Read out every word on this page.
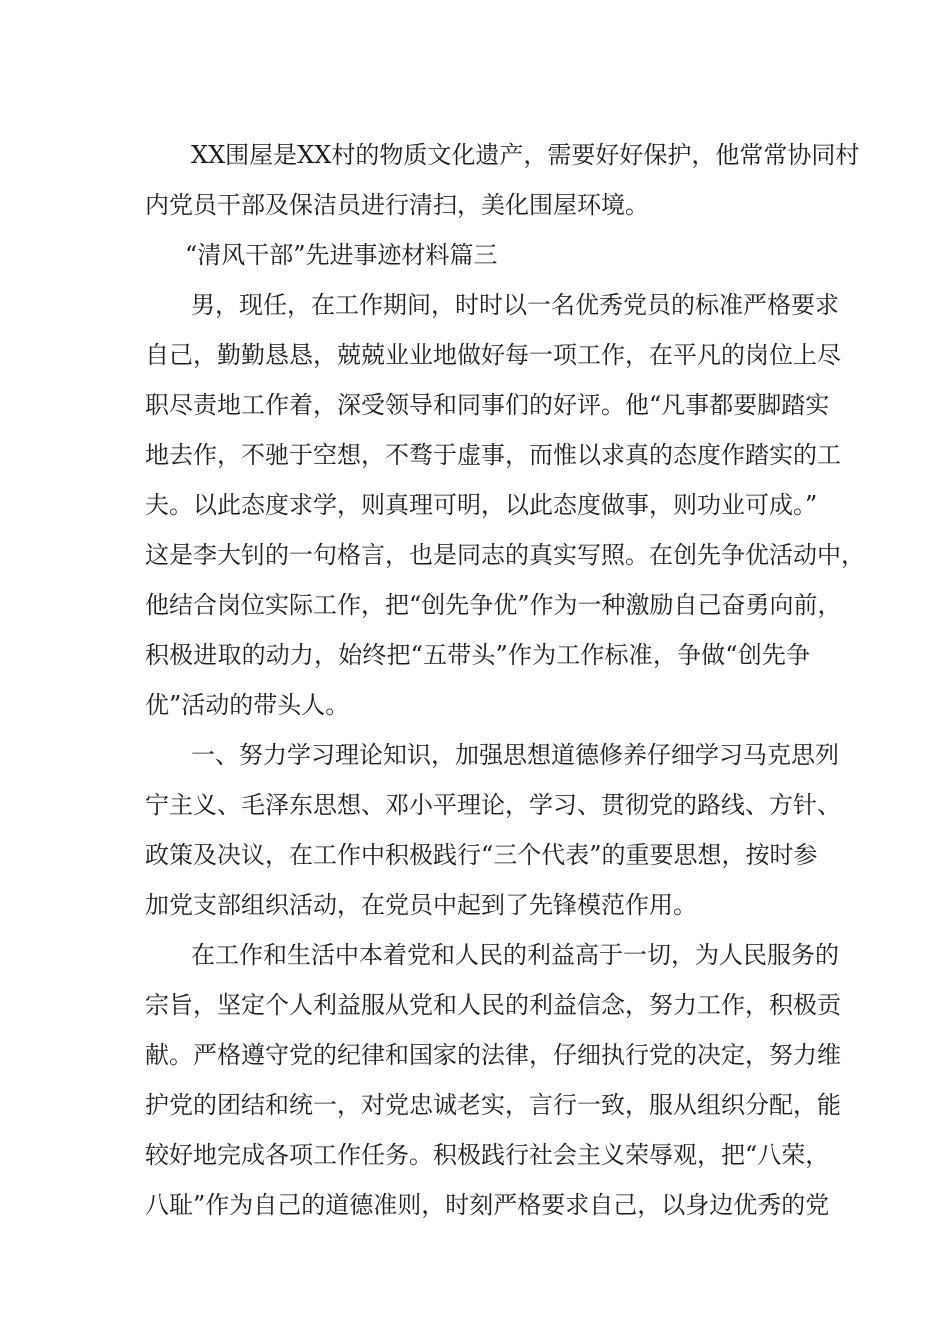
XX围屋是XX村的物质文化遗产，需要好好保护，他常常协同村
内党员干部及保洁员进行清扫，美化围屋环境。
“清风干部”先进事迹材料篇三
男，现任，在工作期间，时时以一名优秀党员的标准严格要求
自己，勤勤恳恳，兢兢业业地做好每一项工作，在平凡的岗位上尽
职尽责地工作着，深受领导和同事们的好评。他“凡事都要脚踏实
地去作，不驰于空想，不骛于虚事，而惟以求真的态度作踏实的工
夫。以此态度求学，则真理可明，以此态度做事，则功业可成。”
这是李大钊的一句格言，也是同志的真实写照。在创先争优活动中，
他结合岗位实际工作，把“创先争优”作为一种激励自己奋勇向前，
积极进取的动力，始终把“五带头”作为工作标准，争做“创先争
优”活动的带头人。
一、努力学习理论知识，加强思想道德修养仔细学习马克思列
宁主义、毛泽东思想、邓小平理论，学习、贯彻党的路线、方针、
政策及决议，在工作中积极践行“三个代表”的重要思想，按时参
加党支部组织活动，在党员中起到了先锋模范作用。
在工作和生活中本着党和人民的利益高于一切，为人民服务的
宗旨，坚定个人利益服从党和人民的利益信念，努力工作，积极贡
献。严格遵守党的纪律和国家的法律，仔细执行党的决定，努力维
护党的团结和统一，对党忠诚老实，言行一致，服从组织分配，能
较好地完成各项工作任务。积极践行社会主义荣辱观，把“八荣，
八耻”作为自己的道德准则，时刻严格要求自己，以身边优秀的党
